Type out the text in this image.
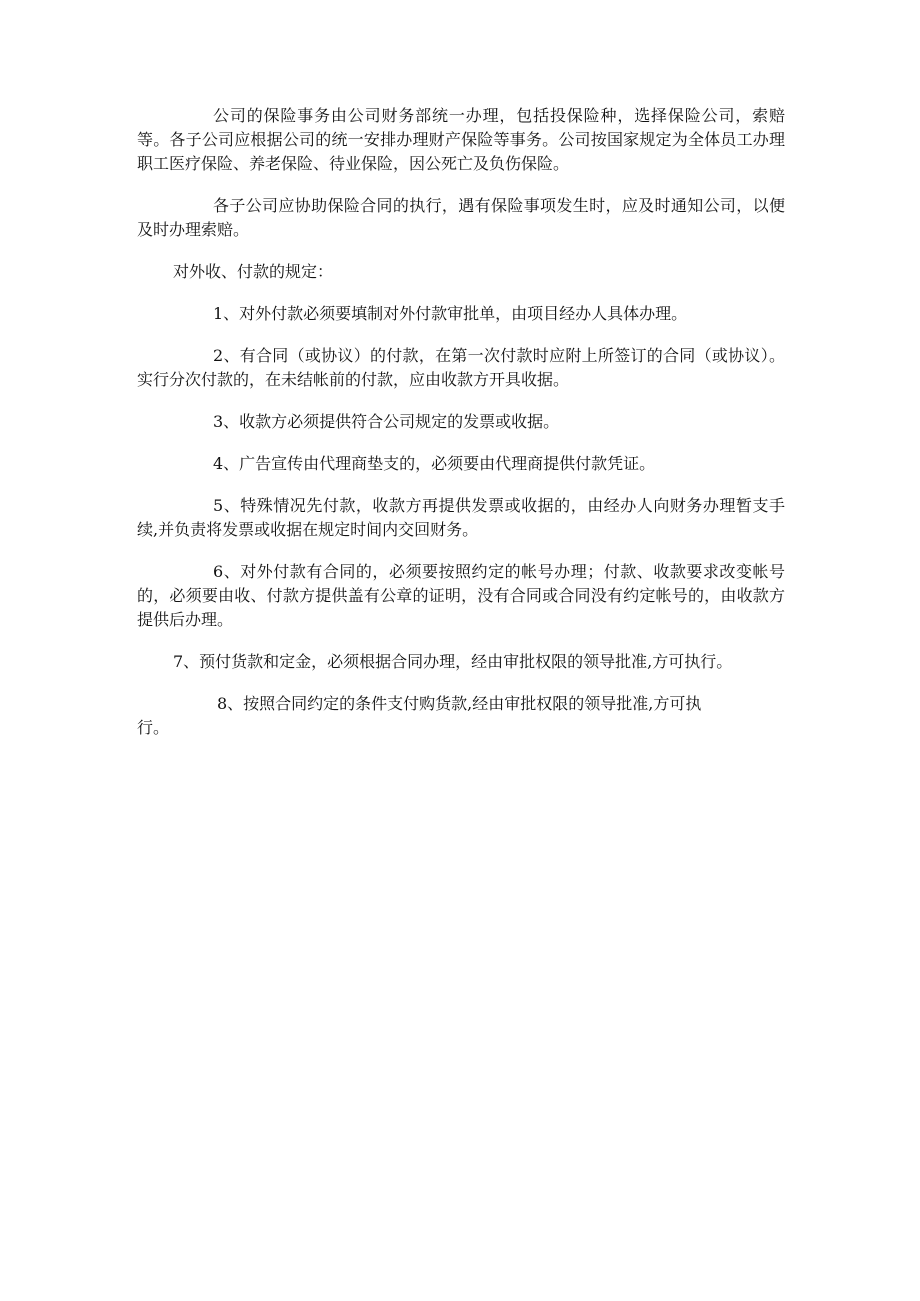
公司的保险事务由公司财务部统一办理，包括投保险种，选择保险公司，索赔等。各子公司应根据公司的统一安排办理财产保险等事务。公司按国家规定为全体员工办理职工医疗保险、养老保险、待业保险，因公死亡及负伤保险。

各子公司应协助保险合同的执行，遇有保险事项发生时，应及时通知公司，以便及时办理索赔。

对外收、付款的规定：

1、对外付款必须要填制对外付款审批单，由项目经办人具体办理。

2、有合同（或协议）的付款，在第一次付款时应附上所签订的合同（或协议）。实行分次付款的，在未结帐前的付款，应由收款方开具收据。

3、收款方必须提供符合公司规定的发票或收据。

4、广告宣传由代理商垫支的，必须要由代理商提供付款凭证。

5、特殊情况先付款，收款方再提供发票或收据的，由经办人向财务办理暂支手续,并负责将发票或收据在规定时间内交回财务。

6、对外付款有合同的，必须要按照约定的帐号办理；付款、收款要求改变帐号的，必须要由收、付款方提供盖有公章的证明，没有合同或合同没有约定帐号的，由收款方提供后办理。

7、预付货款和定金，必须根据合同办理，经由审批权限的领导批准,方可执行。

8、按照合同约定的条件支付购货款,经由审批权限的领导批准,方可执
行。
